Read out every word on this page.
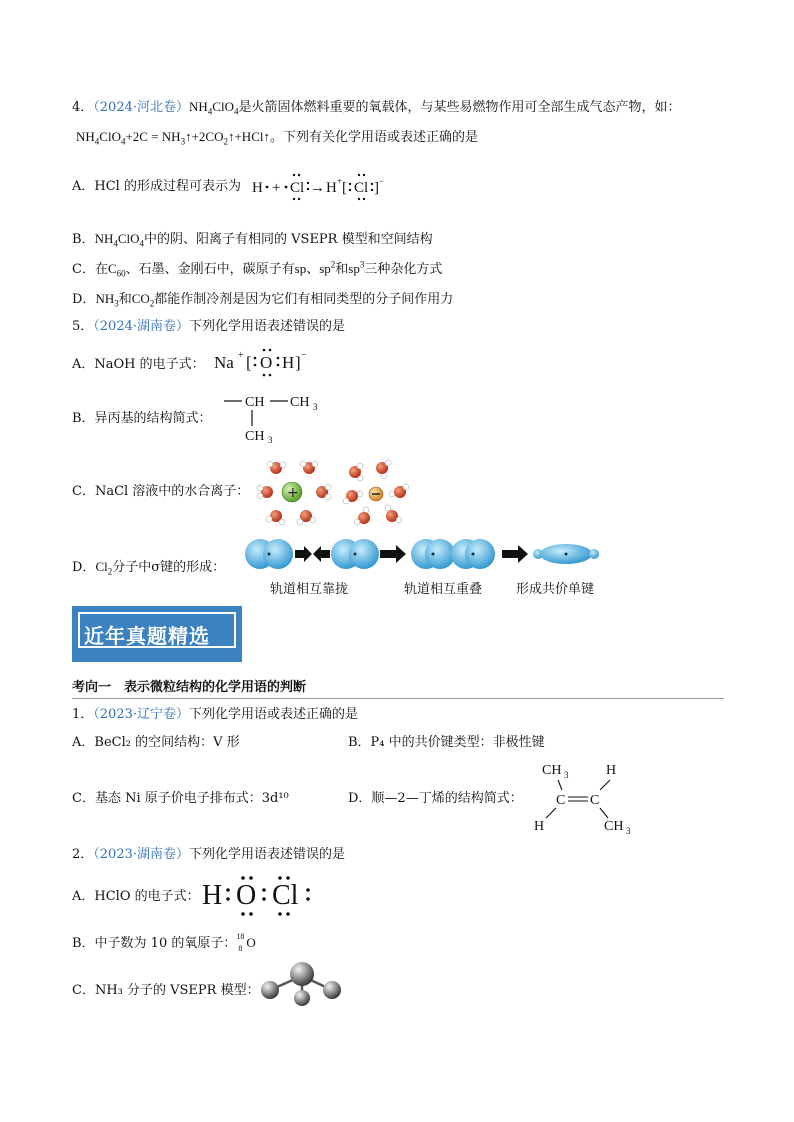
4．（2024·河北卷）$NH_4ClO_4$是火箭固体燃料重要的氧载体，与某些易燃物作用可全部生成气态产物，如：
$NH_4ClO_4+2C$ = $NH_3↑+2CO_2↑+HCl↑$。下列有关化学用语或表述正确的是
A．HCl 的形成过程可表示为 H + Cl → H + [ Cl ] −
B．$NH_4ClO_4$中的阴、阳离子有相同的 VSEPR 模型和空间结构
C．在$C_{60}$、石墨、金刚石中，碳原子有sp、$sp^2$和$sp^3$三种杂化方式
D．$NH_3$和$CO_2$都能作制冷剂是因为它们有相同类型的分子间作用力
5．（2024·湖南卷）下列化学用语表述错误的是
A．NaOH 的电子式： Na + [ O H ] −
B．异丙基的结构简式：
CH CH 3
CH 3
C．NaCl 溶液中的水合离子：	+
D．$Cl_2$分子中σ键的形成：
轨道相互靠拢	轨道相互重叠	形成共价单键
近年真题精选
考向一　表示微粒结构的化学用语的判断
1．（2023·辽宁卷）下列化学用语或表述正确的是
A．BeCl₂ 的空间结构：V 形	B．P₄ 中的共价键类型：非极性键
C．基态 Ni 原子价电子排布式：3d¹⁰	D．顺—2—丁烯的结构简式：
CH 3	H
C C
H	CH 3
2．（2023·湖南卷）下列化学用语表述错误的是
A．HClO 的电子式： H O Cl
B．中子数为 10 的氧原子： 18
8 O
C．NH₃ 分子的 VSEPR 模型：
